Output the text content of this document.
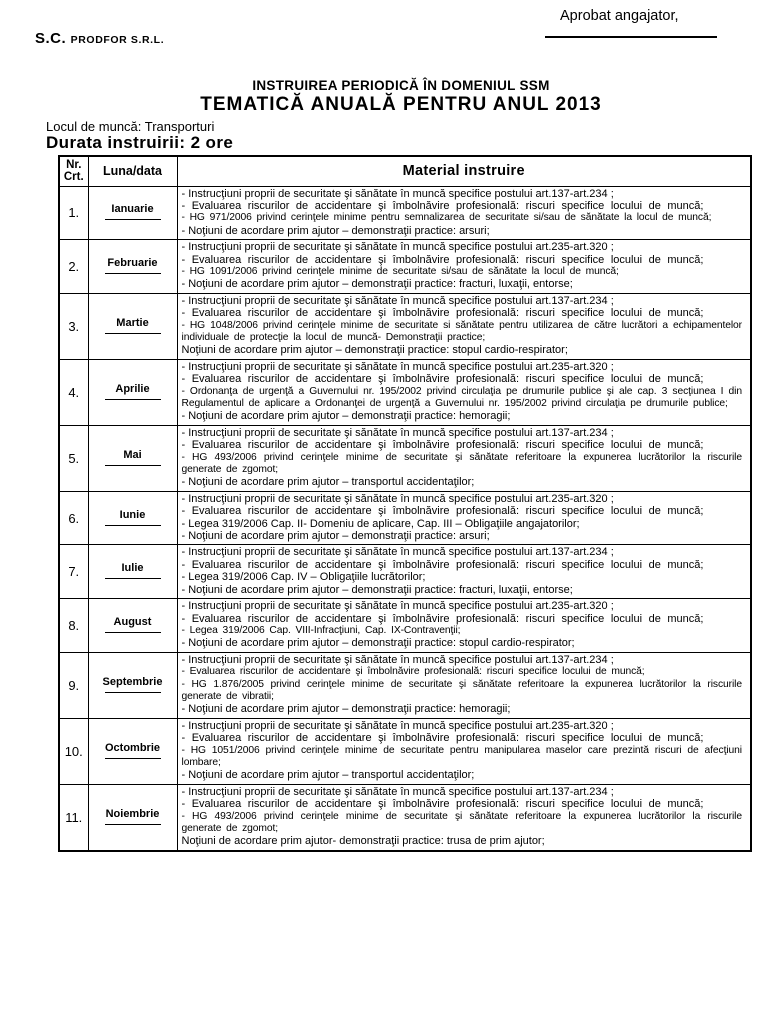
S.C. PRODFOR S.R.L.
Aprobat angajator,
INSTRUIREA PERIODICĂ ÎN DOMENIUL SSM
TEMATICĂ ANUALĂ PENTRU ANUL 2013
Locul de muncă: Transporturi
Durata instruirii: 2 ore
Nr.
Crt.	Luna/data	Material instruire
1.	Ianuarie	- Instrucţiuni proprii de securitate şi sănătate în muncă specifice postului art.137-art.234 ;
- Evaluarea riscurilor de accidentare şi îmbolnăvire profesională: riscuri specifice locului de muncă;
- HG 971/2006 privind cerinţele minime pentru semnalizarea de securitate si/sau de sănătate la locul de muncă;
- Noţiuni de acordare prim ajutor – demonstraţii practice: arsuri;

2.	Februarie	- Instrucţiuni proprii de securitate şi sănătate în muncă specifice postului art.235-art.320 ;
- Evaluarea riscurilor de accidentare şi îmbolnăvire profesională: riscuri specifice locului de muncă;
- HG 1091/2006 privind cerinţele minime de securitate si/sau de sănătate la locul de muncă;
- Noţiuni de acordare prim ajutor – demonstraţii practice: fracturi, luxaţii, entorse;

3.	Martie	- Instrucţiuni proprii de securitate şi sănătate în muncă specifice postului art.137-art.234 ;
- Evaluarea riscurilor de accidentare şi îmbolnăvire profesională: riscuri specifice locului de muncă;
- HG 1048/2006 privind cerinţele minime de securitate si sănătate pentru utilizarea de către lucrători a echipamentelor individuale de protecţie la locul de muncă- Demonstraţii practice;
Noţiuni de acordare prim ajutor – demonstraţii practice: stopul cardio-respirator;

4.	Aprilie	- Instrucţiuni proprii de securitate şi sănătate în muncă specifice postului art.235-art.320 ;
- Evaluarea riscurilor de accidentare şi îmbolnăvire profesională: riscuri specifice locului de muncă;
- Ordonanţa de urgenţă a Guvernului nr. 195/2002 privind circulaţia pe drumurile publice şi ale cap. 3 secţiunea I din Regulamentul de aplicare a Ordonanţei de urgenţă a Guvernului nr. 195/2002 privind circulaţia pe drumurile publice;
- Noţiuni de acordare prim ajutor – demonstraţii practice: hemoragii;

5.	Mai	- Instrucţiuni proprii de securitate şi sănătate în muncă specifice postului art.137-art.234 ;
- Evaluarea riscurilor de accidentare şi îmbolnăvire profesională: riscuri specifice locului de muncă;
- HG 493/2006 privind cerinţele minime de securitate şi sănătate referitoare la expunerea lucrătorilor la riscurile generate de zgomot;
- Noţiuni de acordare prim ajutor – transportul accidentaţilor;

6.	Iunie	- Instrucţiuni proprii de securitate şi sănătate în muncă specifice postului art.235-art.320 ;
- Evaluarea riscurilor de accidentare şi îmbolnăvire profesională: riscuri specifice locului de muncă;
- Legea 319/2006 Cap. II- Domeniu de aplicare, Cap. III – Obligaţiile angajatorilor;
- Noţiuni de acordare prim ajutor – demonstraţii practice: arsuri;

7.	Iulie	- Instrucţiuni proprii de securitate şi sănătate în muncă specifice postului art.137-art.234 ;
- Evaluarea riscurilor de accidentare şi îmbolnăvire profesională: riscuri specifice locului de muncă;
- Legea 319/2006 Cap. IV – Obligaţiile lucrătorilor;
- Noţiuni de acordare prim ajutor – demonstraţii practice: fracturi, luxaţii, entorse;

8.	August	- Instrucţiuni proprii de securitate şi sănătate în muncă specifice postului art.235-art.320 ;
- Evaluarea riscurilor de accidentare şi îmbolnăvire profesională: riscuri specifice locului de muncă;
- Legea 319/2006 Cap. VIII-Infracţiuni, Cap. IX-Contravenţii;
- Noţiuni de acordare prim ajutor – demonstraţii practice: stopul cardio-respirator;

9.	Septembrie	- Instrucţiuni proprii de securitate şi sănătate în muncă specifice postului art.137-art.234 ;
- Evaluarea riscurilor de accidentare şi îmbolnăvire profesională: riscuri specifice locului de muncă;
- HG 1.876/2005 privind cerinţele minime de securitate şi sănătate referitoare la expunerea lucrătorilor la riscurile generate de vibratii;
- Noţiuni de acordare prim ajutor – demonstraţii practice: hemoragii;

10.	Octombrie	- Instrucţiuni proprii de securitate şi sănătate în muncă specifice postului art.235-art.320 ;
- Evaluarea riscurilor de accidentare şi îmbolnăvire profesională: riscuri specifice locului de muncă;
- HG 1051/2006 privind cerinţele minime de securitate pentru manipularea maselor care prezintă riscuri de afecţiuni lombare;
- Noţiuni de acordare prim ajutor – transportul accidentaţilor;

11.	Noiembrie	- Instrucţiuni proprii de securitate şi sănătate în muncă specifice postului art.137-art.234 ;
- Evaluarea riscurilor de accidentare şi îmbolnăvire profesională: riscuri specifice locului de muncă;
- HG 493/2006 privind cerinţele minime de securitate şi sănătate referitoare la expunerea lucrătorilor la riscurile generate de zgomot;
Noţiuni de acordare prim ajutor- demonstraţii practice: trusa de prim ajutor;
